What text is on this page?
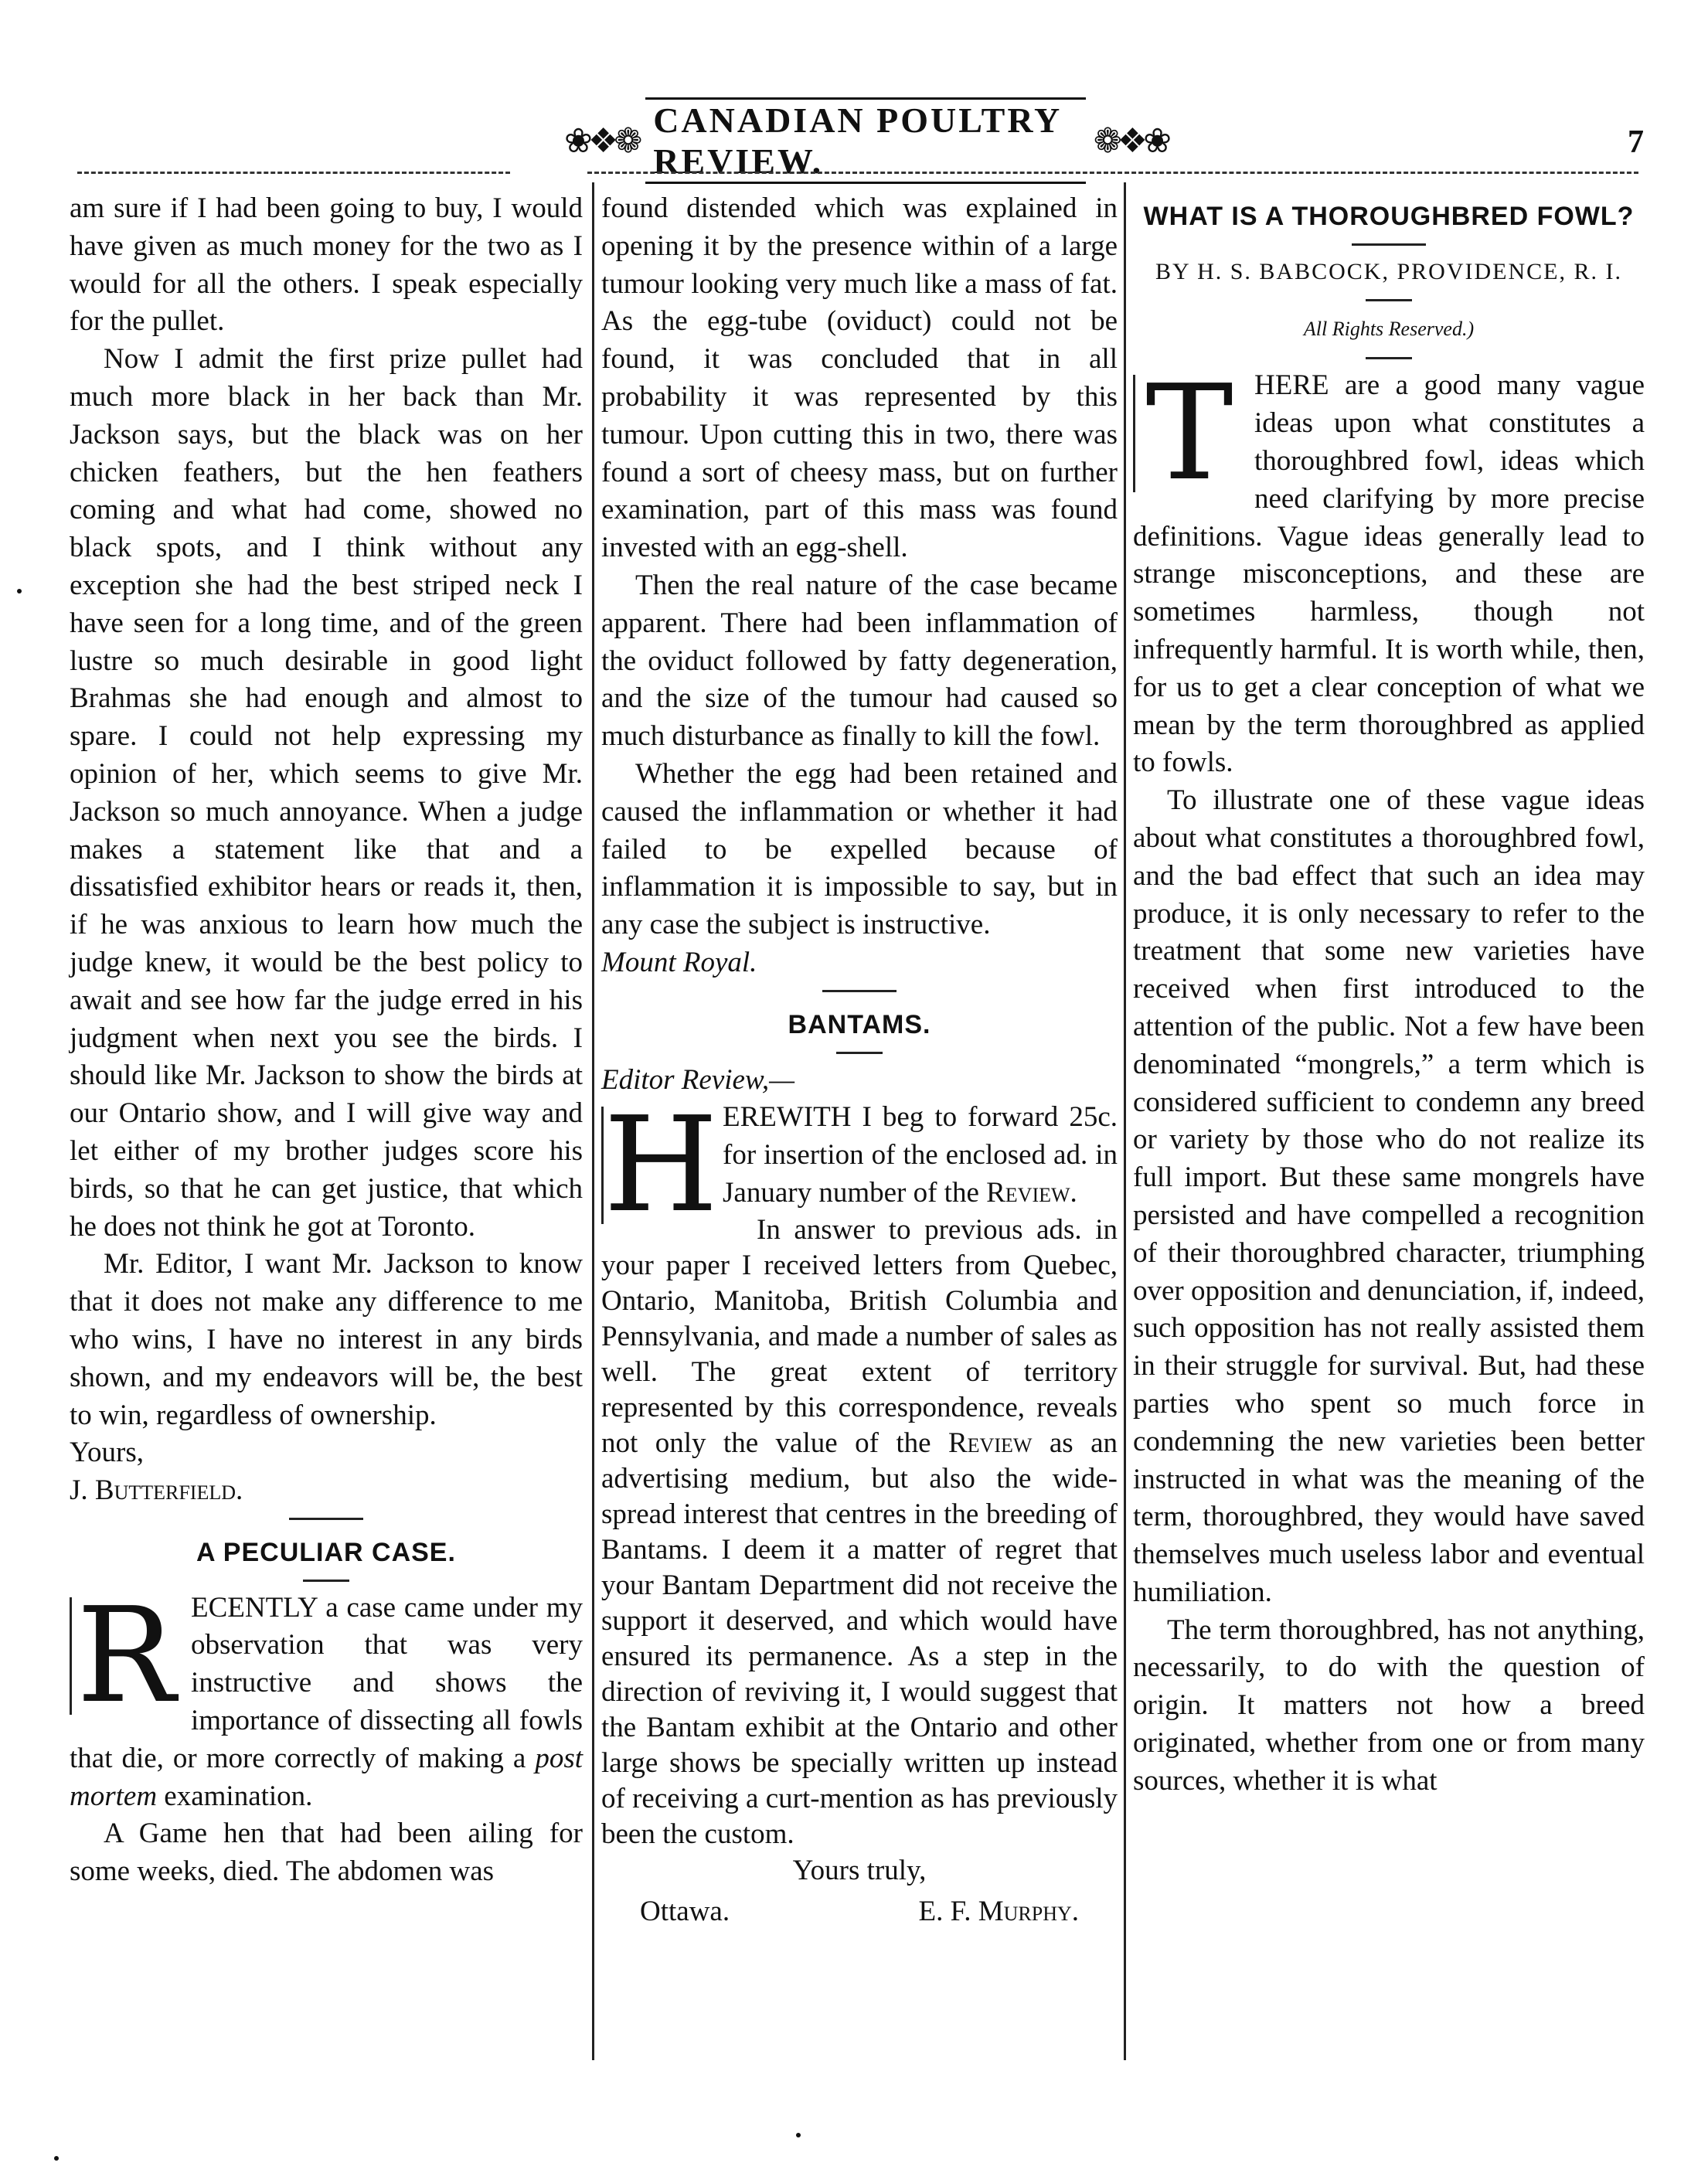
❀❖❁
CANADIAN POULTRY REVIEW.
❁❖❀	7

am sure if I had been going to buy, I would have given as much money for the two as I would for all the others. I speak especially for the pullet.

Now I admit the first prize pullet had much more black in her back than Mr. Jackson says, but the black was on her chicken feathers, but the hen feathers coming and what had come, showed no black spots, and I think without any exception she had the best striped neck I have seen for a long time, and of the green lustre so much desirable in good light Brahmas she had enough and almost to spare. I could not help expressing my opinion of her, which seems to give Mr. Jackson so much annoyance. When a judge makes a statement like that and a dissatisfied exhibitor hears or reads it, then, if he was anxious to learn how much the judge knew, it would be the best policy to await and see how far the judge erred in his judgment when next you see the birds. I should like Mr. Jackson to show the birds at our Ontario show, and I will give way and let either of my brother judges score his birds, so that he can get justice, that which he does not think he got at Toronto.

Mr. Editor, I want Mr. Jackson to know that it does not make any difference to me who wins, I have no interest in any birds shown, and my endeavors will be, the best to win, regardless of ownership.

Yours,

J. Butterfield.

A PECULIAR CASE.

R ECENTLY a case came under my observation that was very instructive and shows the importance of dissecting all fowls that die, or more correctly of making a post mortem examination.

A Game hen that had been ailing for some weeks, died. The abdomen was

found distended which was explained in opening it by the presence within of a large tumour looking very much like a mass of fat. As the egg-tube (oviduct) could not be found, it was concluded that in all probability it was represented by this tumour. Upon cutting this in two, there was found a sort of cheesy mass, but on further examination, part of this mass was found invested with an egg-shell.

Then the real nature of the case became apparent. There had been inflammation of the oviduct followed by fatty degeneration, and the size of the tumour had caused so much disturbance as finally to kill the fowl.

Whether the egg had been retained and caused the inflammation or whether it had failed to be expelled because of inflammation it is impossible to say, but in any case the subject is instructive.

Mount Royal.

BANTAMS.

Editor Review,—

H EREWITH I beg to forward 25c. for insertion of the enclosed ad. in January number of the Review.

In answer to previous ads. in your paper I received letters from Quebec, Ontario, Manitoba, British Columbia and Pennsylvania, and made a number of sales as well. The great extent of territory represented by this correspondence, reveals not only the value of the Review as an advertising medium, but also the wide-spread interest that centres in the breeding of Bantams. I deem it a matter of regret that your Bantam Department did not receive the support it deserved, and which would have ensured its permanence. As a step in the direction of reviving it, I would suggest that the Bantam exhibit at the Ontario and other large shows be specially written up instead of receiving a curt-mention as has previously been the custom.

Yours truly,

Ottawa.	E. F. Murphy.
WHAT IS A THOROUGHBRED FOWL?
BY H. S. BABCOCK, PROVIDENCE, R. I.
All Rights Reserved.)

T HERE are a good many vague ideas upon what constitutes a thoroughbred fowl, ideas which need clarifying by more precise definitions. Vague ideas generally lead to strange misconceptions, and these are sometimes harmless, though not infrequently harmful. It is worth while, then, for us to get a clear conception of what we mean by the term thoroughbred as applied to fowls.

To illustrate one of these vague ideas about what constitutes a thoroughbred fowl, and the bad effect that such an idea may produce, it is only necessary to refer to the treatment that some new varieties have received when first introduced to the attention of the public. Not a few have been denominated “mongrels,” a term which is considered sufficient to condemn any breed or variety by those who do not realize its full import. But these same mongrels have persisted and have compelled a recognition of their thoroughbred character, triumphing over opposition and denunciation, if, indeed, such opposition has not really assisted them in their struggle for survival. But, had these parties who spent so much force in condemning the new varieties been better instructed in what was the meaning of the term, thoroughbred, they would have saved themselves much useless labor and eventual humiliation.

The term thoroughbred, has not anything, necessarily, to do with the question of origin. It matters not how a breed originated, whether from one or from many sources, whether it is what
